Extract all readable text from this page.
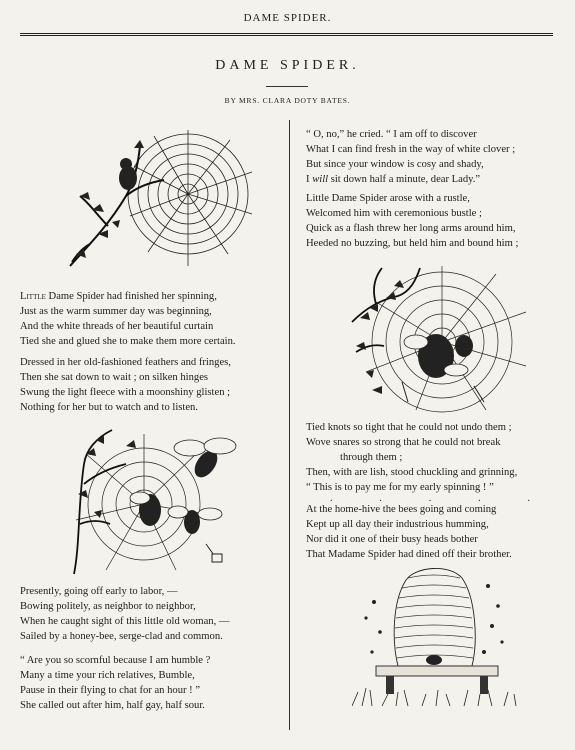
DAME SPIDER.
DAME SPIDER.
BY MRS. CLARA DOTY BATES.
Little Dame Spider had finished her spinning,
Just as the warm summer day was beginning,
And the white threads of her beautiful curtain
Tied she and glued she to make them more certain.
Dressed in her old-fashioned feathers and fringes,
Then she sat down to wait ; on silken hinges
Swung the light fleece with a moonshiny glisten ;
Nothing for her but to watch and to listen.
Presently, going off early to labor, —
Bowing politely, as neighbor to neighbor,
When he caught sight of this little old woman, —
Sailed by a honey-bee, serge-clad and common.
“ Are you so scornful because I am humble ?
Many a time your rich relatives, Bumble,
Pause in their flying to chat for an hour ! ”
She called out after him, half gay, half sour.
“ O, no,” he cried. “ I am off to discover
What I can find fresh in the way of white clover ;
But since your window is cosy and shady,
I will sit down half a minute, dear Lady.”
Little Dame Spider arose with a rustle,
Welcomed him with ceremonious bustle ;
Quick as a flash threw her long arms around him,
Heeded no buzzing, but held him and bound him ;
Tied knots so tight that he could not undo them ;
Wove snares so strong that he could not break
through them ;
Then, with are lish, stood chuckling and grinning,
“ This is to pay me for my early spinning ! ”
.	.	.	.	.
At the home-hive the bees going and coming
Kept up all day their industrious humming,
Nor did it one of their busy heads bother
That Madame Spider had dined off their brother.
